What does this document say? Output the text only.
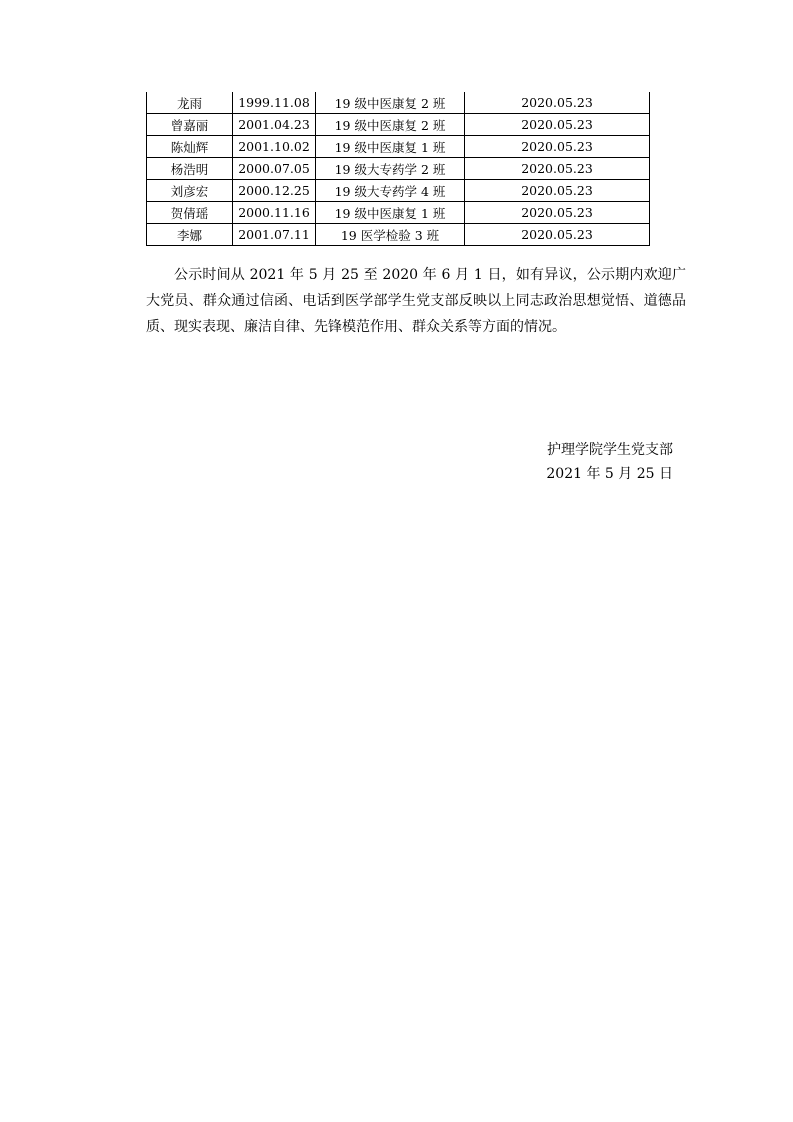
龙雨	1999.11.08	19 级中医康复 2 班	2020.05.23
曾嘉丽	2001.04.23	19 级中医康复 2 班	2020.05.23
陈灿辉	2001.10.02	19 级中医康复 1 班	2020.05.23
杨浩明	2000.07.05	19 级大专药学 2 班	2020.05.23
刘彦宏	2000.12.25	19 级大专药学 4 班	2020.05.23
贺倩瑶	2000.11.16	19 级中医康复 1 班	2020.05.23
李娜	2001.07.11	19 医学检验 3 班	2020.05.23

公示时间从 2021 年 5 月 25 至 2020 年 6 月 1 日，如有异议，公示期内欢迎广大党员、群众通过信函、电话到医学部学生党支部反映以上同志政治思想觉悟、道德品质、现实表现、廉洁自律、先锋模范作用、群众关系等方面的情况。

护理学院学生党支部
2021 年 5 月 25 日
